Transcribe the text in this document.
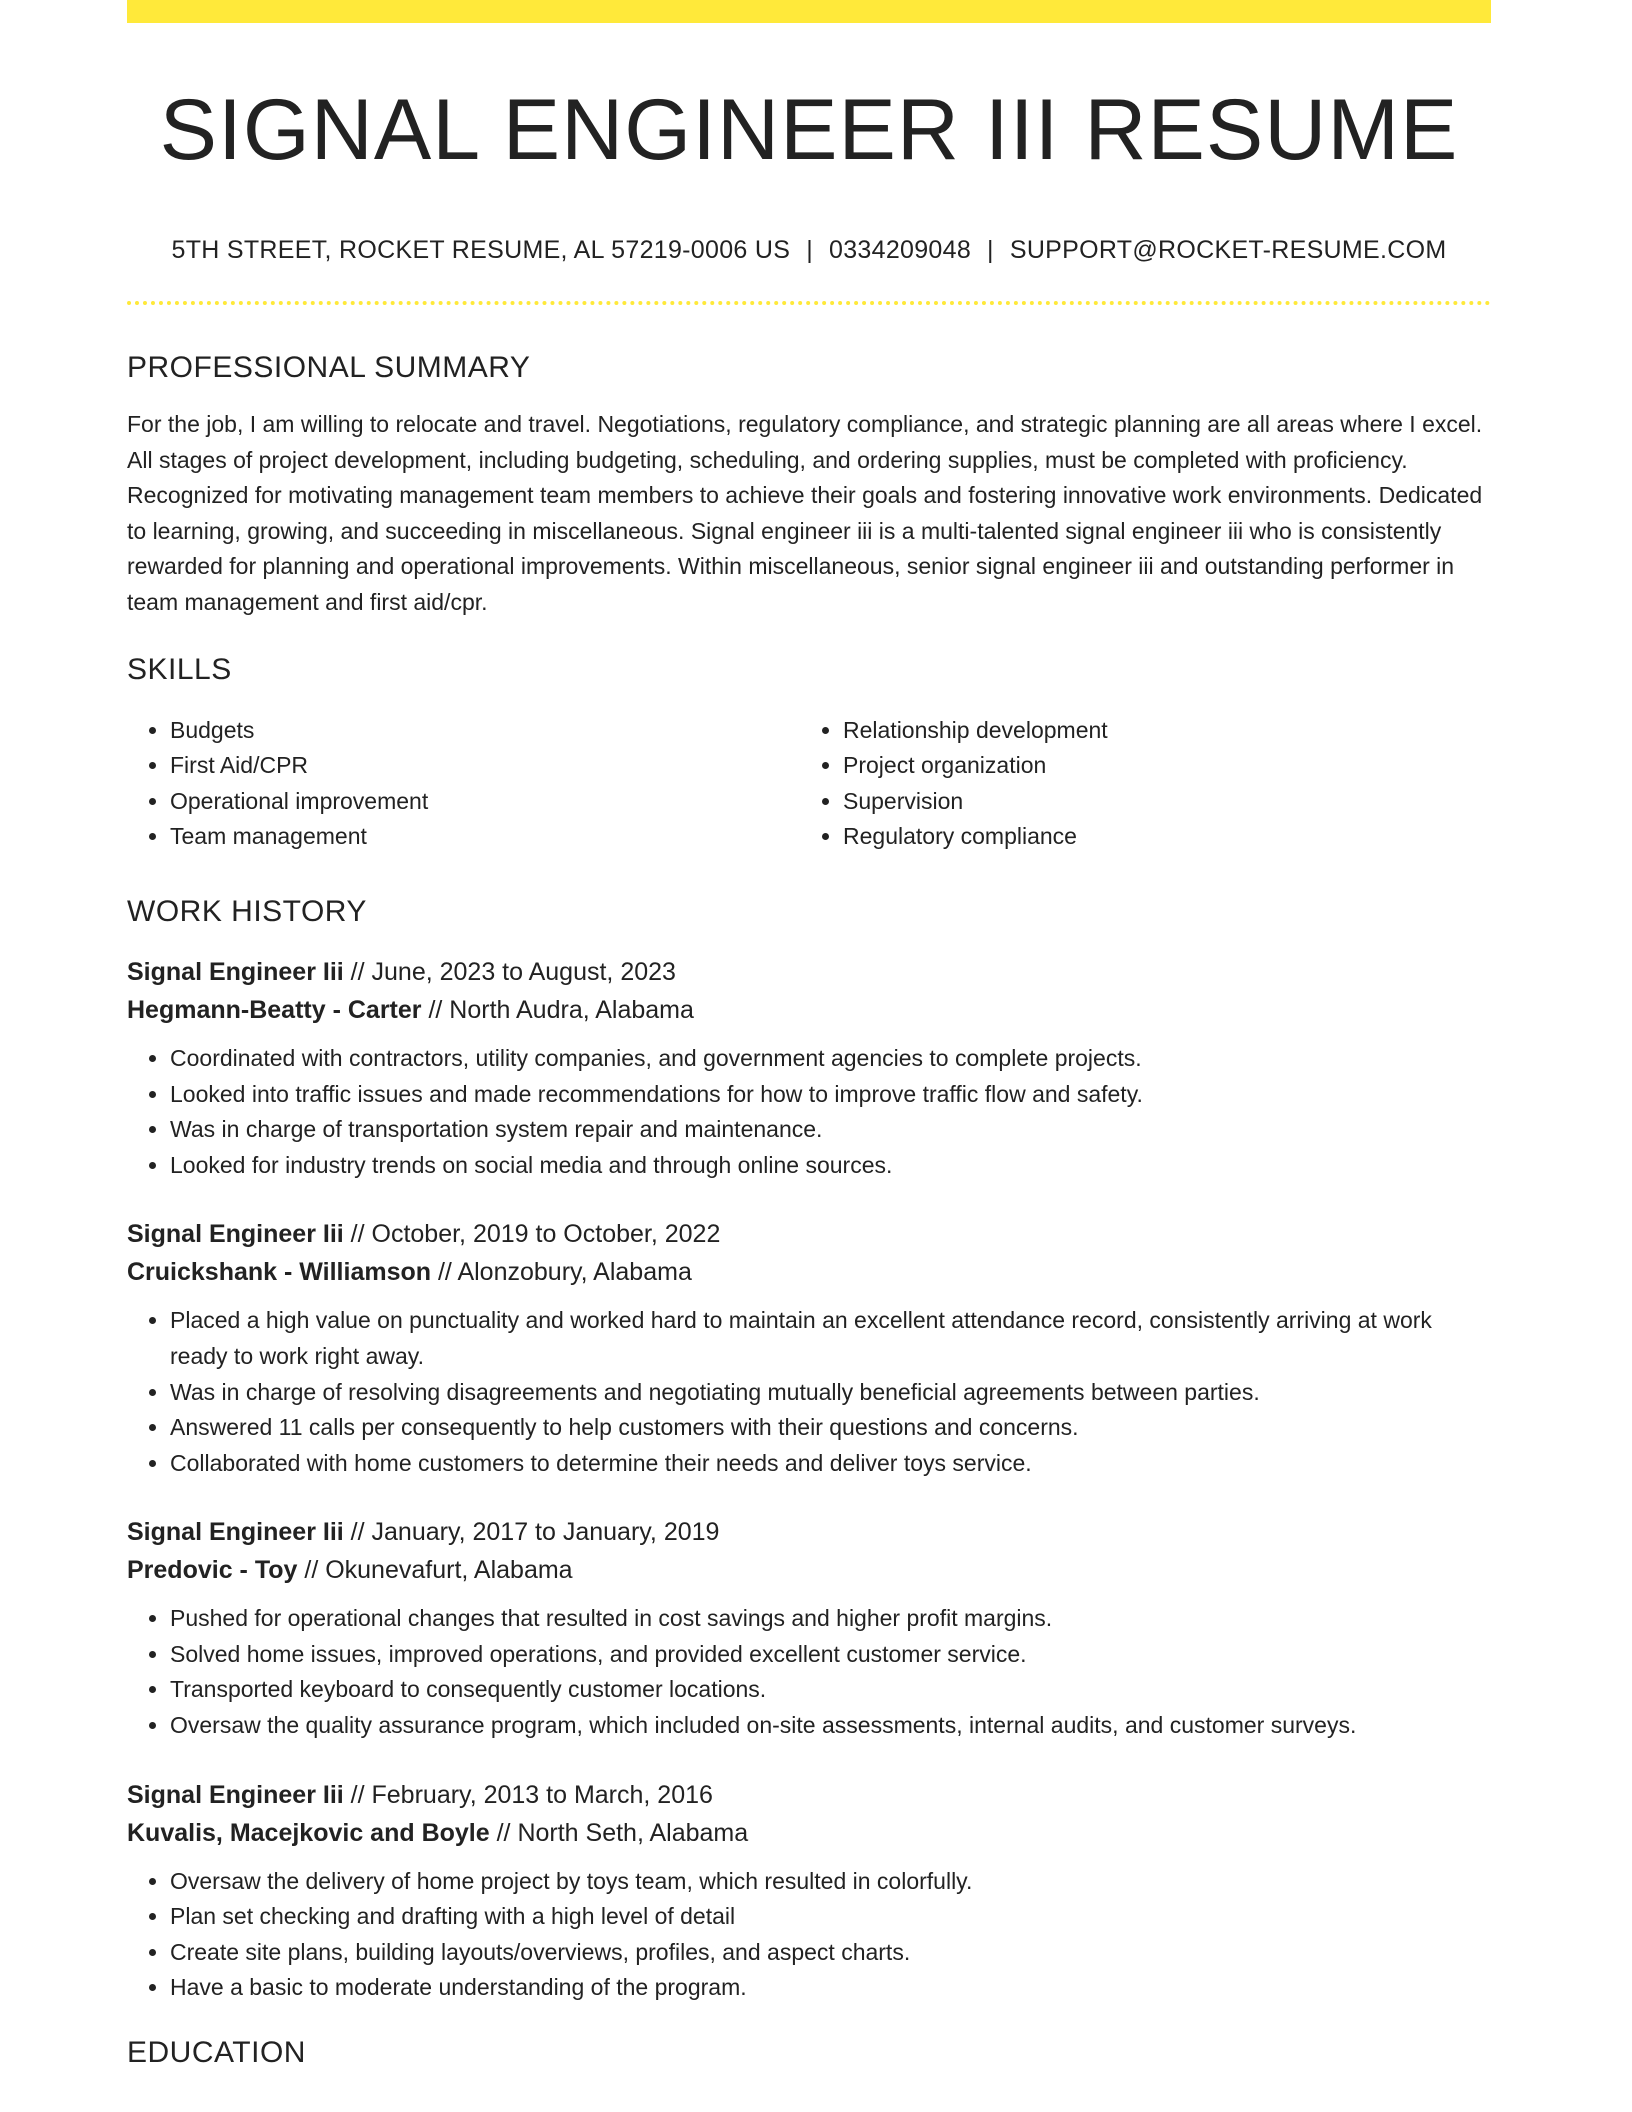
SIGNAL ENGINEER III RESUME
5TH STREET, ROCKET RESUME, AL 57219-0006 US | 0334209048 | SUPPORT@ROCKET-RESUME.COM
PROFESSIONAL SUMMARY

For the job, I am willing to relocate and travel. Negotiations, regulatory compliance, and strategic planning are all areas where I excel. All stages of project development, including budgeting, scheduling, and ordering supplies, must be completed with proficiency. Recognized for motivating management team members to achieve their goals and fostering innovative work environments. Dedicated to learning, growing, and succeeding in miscellaneous. Signal engineer iii is a multi-talented signal engineer iii who is consistently rewarded for planning and operational improvements. Within miscellaneous, senior signal engineer iii and outstanding performer in team management and first aid/cpr.

SKILLS
• Budgets
• First Aid/CPR
• Operational improvement
• Team management
• Relationship development
• Project organization
• Supervision
• Regulatory compliance
WORK HISTORY
Signal Engineer Iii // June, 2023 to August, 2023
Hegmann-Beatty - Carter // North Audra, Alabama
• Coordinated with contractors, utility companies, and government agencies to complete projects.
• Looked into traffic issues and made recommendations for how to improve traffic flow and safety.
• Was in charge of transportation system repair and maintenance.
• Looked for industry trends on social media and through online sources.
Signal Engineer Iii // October, 2019 to October, 2022
Cruickshank - Williamson // Alonzobury, Alabama
• Placed a high value on punctuality and worked hard to maintain an excellent attendance record, consistently arriving at work ready to work right away.
• Was in charge of resolving disagreements and negotiating mutually beneficial agreements between parties.
• Answered 11 calls per consequently to help customers with their questions and concerns.
• Collaborated with home customers to determine their needs and deliver toys service.
Signal Engineer Iii // January, 2017 to January, 2019
Predovic - Toy // Okunevafurt, Alabama
• Pushed for operational changes that resulted in cost savings and higher profit margins.
• Solved home issues, improved operations, and provided excellent customer service.
• Transported keyboard to consequently customer locations.
• Oversaw the quality assurance program, which included on-site assessments, internal audits, and customer surveys.
Signal Engineer Iii // February, 2013 to March, 2016
Kuvalis, Macejkovic and Boyle // North Seth, Alabama
• Oversaw the delivery of home project by toys team, which resulted in colorfully.
• Plan set checking and drafting with a high level of detail
• Create site plans, building layouts/overviews, profiles, and aspect charts.
• Have a basic to moderate understanding of the program.
EDUCATION
